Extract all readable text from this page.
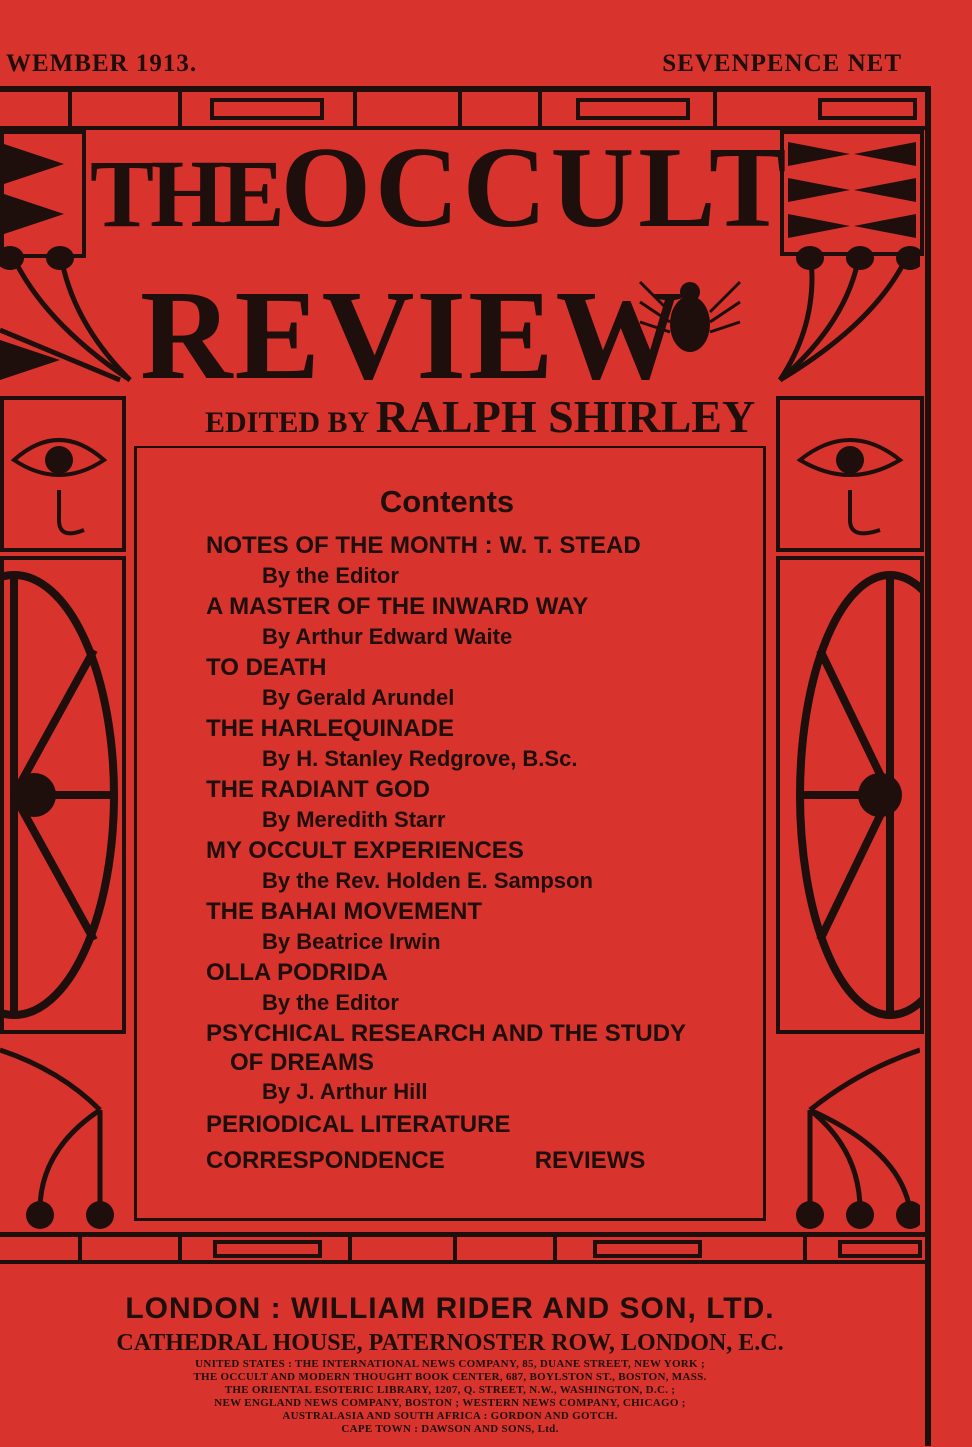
WEMBER 1913.	SEVENPENCE NET
THEOCCULT
REVIEW
EDITED BY RALPH SHIRLEY
Contents
NOTES OF THE MONTH : W. T. STEAD
By the Editor
A MASTER OF THE INWARD WAY
By Arthur Edward Waite
TO DEATH
By Gerald Arundel
THE HARLEQUINADE
By H. Stanley Redgrove, B.Sc.
THE RADIANT GOD
By Meredith Starr
MY OCCULT EXPERIENCES
By the Rev. Holden E. Sampson
THE BAHAI MOVEMENT
By Beatrice Irwin
OLLA PODRIDA
By the Editor
PSYCHICAL RESEARCH AND THE STUDY
OF DREAMS
By J. Arthur Hill
PERIODICAL LITERATURE
CORRESPONDENCE	REVIEWS
LONDON : WILLIAM RIDER AND SON, LTD.
CATHEDRAL HOUSE, PATERNOSTER ROW, LONDON, E.C.
UNITED STATES : THE INTERNATIONAL NEWS COMPANY, 85, DUANE STREET, NEW YORK ;
THE OCCULT AND MODERN THOUGHT BOOK CENTER, 687, BOYLSTON ST., BOSTON, MASS.
THE ORIENTAL ESOTERIC LIBRARY, 1207, Q. STREET, N.W., WASHINGTON, D.C. ;
NEW ENGLAND NEWS COMPANY, BOSTON ; WESTERN NEWS COMPANY, CHICAGO ;
AUSTRALASIA AND SOUTH AFRICA : GORDON AND GOTCH.
CAPE TOWN : DAWSON AND SONS, Ltd.
